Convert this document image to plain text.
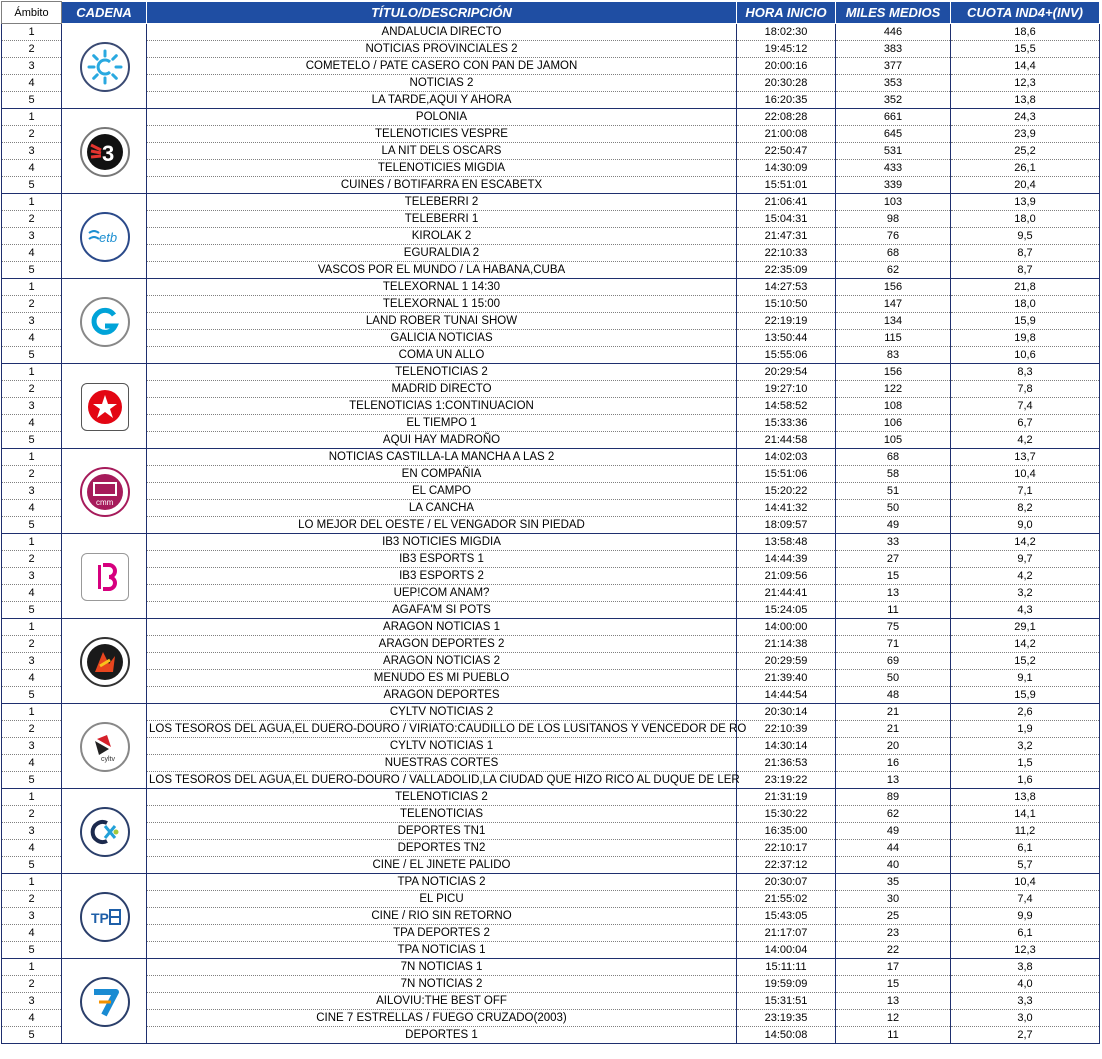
Ámbito	CADENA	TÍTULO/DESCRIPCIÓN	HORA INICIO	MILES MEDIOS	CUOTA IND4+(INV)
1		ANDALUCIA DIRECTO	18:02:30	446	18,6
2		NOTICIAS PROVINCIALES 2	19:45:12	383	15,5
3		COMETELO / PATE CASERO CON PAN DE JAMON	20:00:16	377	14,4
4		NOTICIAS 2	20:30:28	353	12,3
5		LA TARDE,AQUI Y AHORA	16:20:35	352	13,8
1	3	POLONIA	22:08:28	661	24,3
2		TELENOTICIES VESPRE	21:00:08	645	23,9
3		LA NIT DELS OSCARS	22:50:47	531	25,2
4		TELENOTICIES MIGDIA	14:30:09	433	26,1
5		CUINES / BOTIFARRA EN ESCABETX	15:51:01	339	20,4
1	etb	TELEBERRI 2	21:06:41	103	13,9
2		TELEBERRI 1	15:04:31	98	18,0
3		KIROLAK 2	21:47:31	76	9,5
4		EGURALDIA 2	22:10:33	68	8,7
5		VASCOS POR EL MUNDO / LA HABANA,CUBA	22:35:09	62	8,7
1		TELEXORNAL 1 14:30	14:27:53	156	21,8
2		TELEXORNAL 1 15:00	15:10:50	147	18,0
3		LAND ROBER TUNAI SHOW	22:19:19	134	15,9
4		GALICIA NOTICIAS	13:50:44	115	19,8
5		COMA UN ALLO	15:55:06	83	10,6
1		TELENOTICIAS 2	20:29:54	156	8,3
2		MADRID DIRECTO	19:27:10	122	7,8
3		TELENOTICIAS 1:CONTINUACION	14:58:52	108	7,4
4		EL TIEMPO 1	15:33:36	106	6,7
5		AQUI HAY MADROÑO	21:44:58	105	4,2
1	cmm	NOTICIAS CASTILLA-LA MANCHA A LAS 2	14:02:03	68	13,7
2		EN COMPAÑIA	15:51:06	58	10,4
3		EL CAMPO	15:20:22	51	7,1
4		LA CANCHA	14:41:32	50	8,2
5		LO MEJOR DEL OESTE / EL VENGADOR SIN PIEDAD	18:09:57	49	9,0
1		IB3 NOTICIES MIGDIA	13:58:48	33	14,2
2		IB3 ESPORTS 1	14:44:39	27	9,7
3		IB3 ESPORTS 2	21:09:56	15	4,2
4		UEP!COM ANAM?	21:44:41	13	3,2
5		AGAFA'M SI POTS	15:24:05	11	4,3
1		ARAGON NOTICIAS 1	14:00:00	75	29,1
2		ARAGON DEPORTES 2	21:14:38	71	14,2
3		ARAGON NOTICIAS 2	20:29:59	69	15,2
4		MENUDO ES MI PUEBLO	21:39:40	50	9,1
5		ARAGON DEPORTES	14:44:54	48	15,9
1	cyltv	CYLTV NOTICIAS 2	20:30:14	21	2,6
2		LOS TESOROS DEL AGUA,EL DUERO-DOURO / VIRIATO:CAUDILLO DE LOS LUSITANOS Y VENCEDOR DE RO	22:10:39	21	1,9
3		CYLTV NOTICIAS 1	14:30:14	20	3,2
4		NUESTRAS CORTES	21:36:53	16	1,5
5		LOS TESOROS DEL AGUA,EL DUERO-DOURO / VALLADOLID,LA CIUDAD QUE HIZO RICO AL DUQUE DE LER	23:19:22	13	1,6
1		TELENOTICIAS 2	21:31:19	89	13,8
2		TELENOTICIAS	15:30:22	62	14,1
3		DEPORTES TN1	16:35:00	49	11,2
4		DEPORTES TN2	22:10:17	44	6,1
5		CINE / EL JINETE PALIDO	22:37:12	40	5,7
1	TP	TPA NOTICIAS 2	20:30:07	35	10,4
2		EL PICU	21:55:02	30	7,4
3		CINE / RIO SIN RETORNO	15:43:05	25	9,9
4		TPA DEPORTES 2	21:17:07	23	6,1
5		TPA NOTICIAS 1	14:00:04	22	12,3
1		7N NOTICIAS 1	15:11:11	17	3,8
2		7N NOTICIAS 2	19:59:09	15	4,0
3		AILOVIU:THE BEST OFF	15:31:51	13	3,3
4		CINE 7 ESTRELLAS / FUEGO CRUZADO(2003)	23:19:35	12	3,0
5		DEPORTES 1	14:50:08	11	2,7
